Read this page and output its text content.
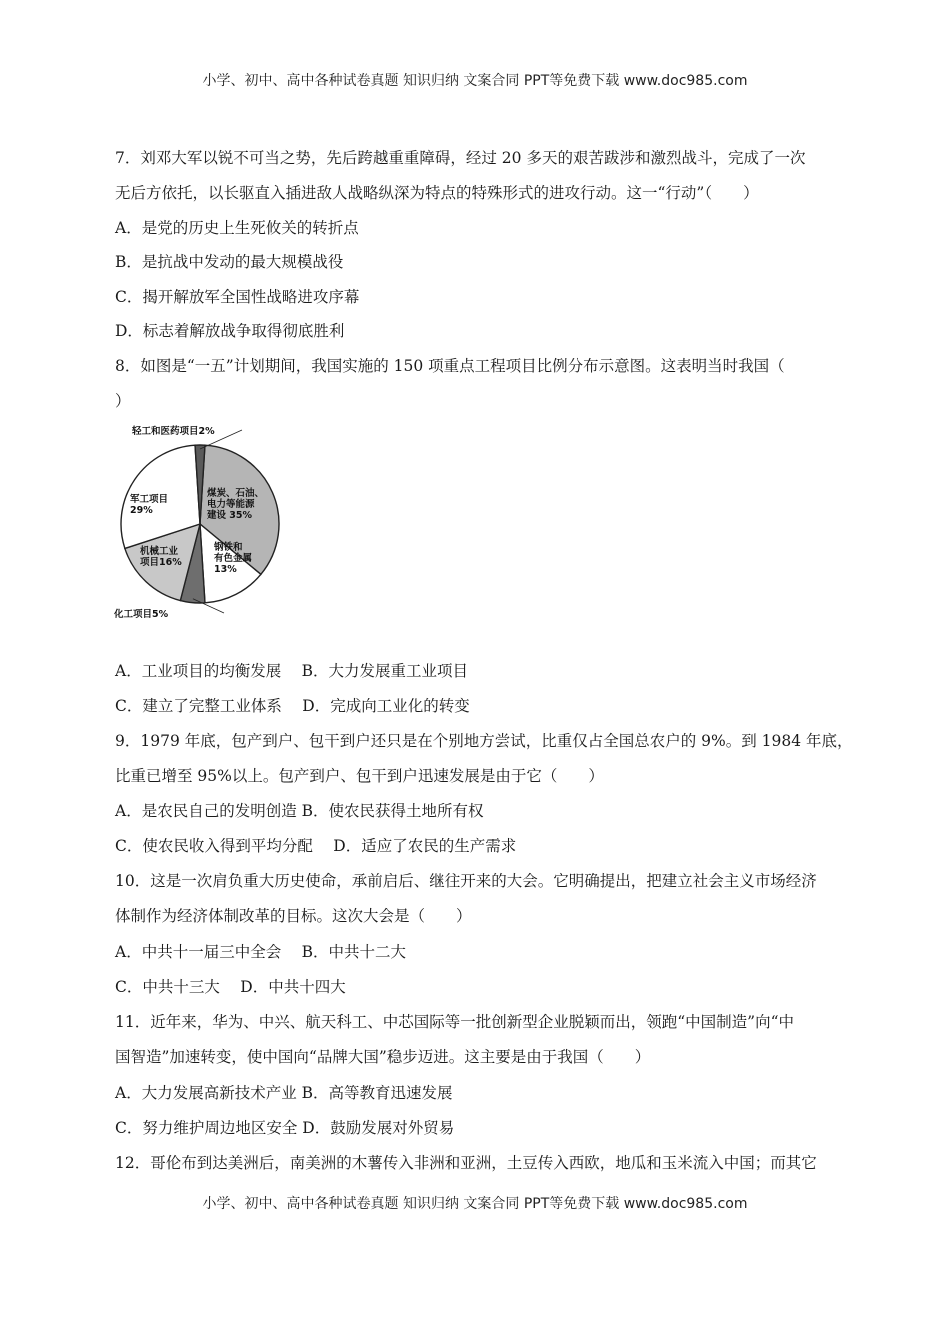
小学、初中、高中各种试卷真题 知识归纳 文案合同 PPT等免费下载 www.doc985.com
7．刘邓大军以锐不可当之势，先后跨越重重障碍，经过 20 多天的艰苦跋涉和激烈战斗，完成了一次
无后方依托，以长驱直入插进敌人战略纵深为特点的特殊形式的进攻行动。这一“行动”（　　）
A．是党的历史上生死攸关的转折点
B．是抗战中发动的最大规模战役
C．揭开解放军全国性战略进攻序幕
D．标志着解放战争取得彻底胜利
8．如图是“一五”计划期间，我国实施的 150 项重点工程项目比例分布示意图。这表明当时我国（
）
煤炭、石油、电力等能源建设 35%
钢铁和有色金属 13%
化工项目5%
机械工业项目16%
军工项目 29%
轻工和医药项目2%
A．工业项目的均衡发展　 B．大力发展重工业项目
C．建立了完整工业体系　 D．完成向工业化的转变
9．1979 年底，包产到户、包干到户还只是在个别地方尝试，比重仅占全国总农户的 9%。到 1984 年底，
比重已增至 95%以上。包产到户、包干到户迅速发展是由于它（　　）
A．是农民自己的发明创造 B．使农民获得土地所有权
C．使农民收入得到平均分配　 D．适应了农民的生产需求
10．这是一次肩负重大历史使命，承前启后、继往开来的大会。它明确提出，把建立社会主义市场经济
体制作为经济体制改革的目标。这次大会是（　　）
A．中共十一届三中全会　 B．中共十二大
C．中共十三大　 D．中共十四大
11．近年来，华为、中兴、航天科工、中芯国际等一批创新型企业脱颖而出，领跑“中国制造”向“中
国智造”加速转变，使中国向“品牌大国”稳步迈进。这主要是由于我国（　　）
A．大力发展高新技术产业 B．高等教育迅速发展
C．努力维护周边地区安全 D．鼓励发展对外贸易
12．哥伦布到达美洲后，南美洲的木薯传入非洲和亚洲，土豆传入西欧，地瓜和玉米流入中国；而其它
小学、初中、高中各种试卷真题 知识归纳 文案合同 PPT等免费下载 www.doc985.com
